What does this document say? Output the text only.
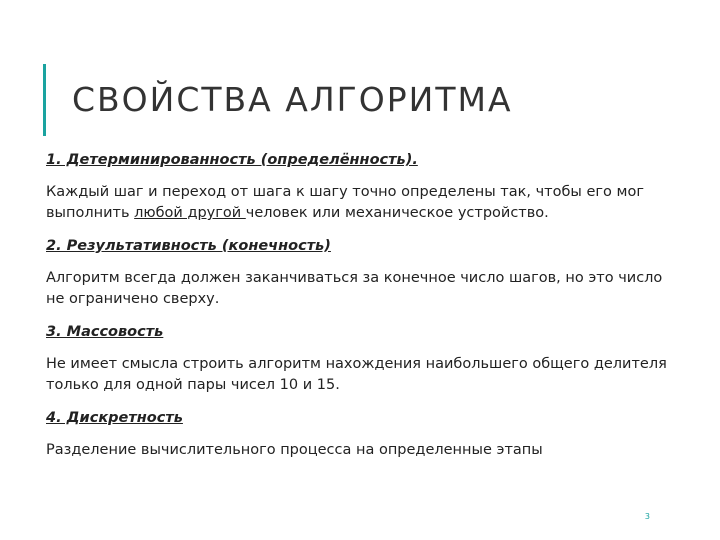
СВОЙСТВА АЛГОРИТМА

1. Детерминированность (определённость).

Каждый шаг и переход от шага к шагу точно определены так, чтобы его мог выполнить любой другой человек или механическое устройство.

2. Результативность (конечность)

Алгоритм всегда должен заканчиваться за конечное число шагов, но это число не ограничено сверху.

3. Массовость

Не имеет смысла строить алгоритм нахождения наибольшего общего делителя только для одной пары чисел 10 и 15.

4. Дискретность

Разделение вычислительного процесса на определенные этапы

3
